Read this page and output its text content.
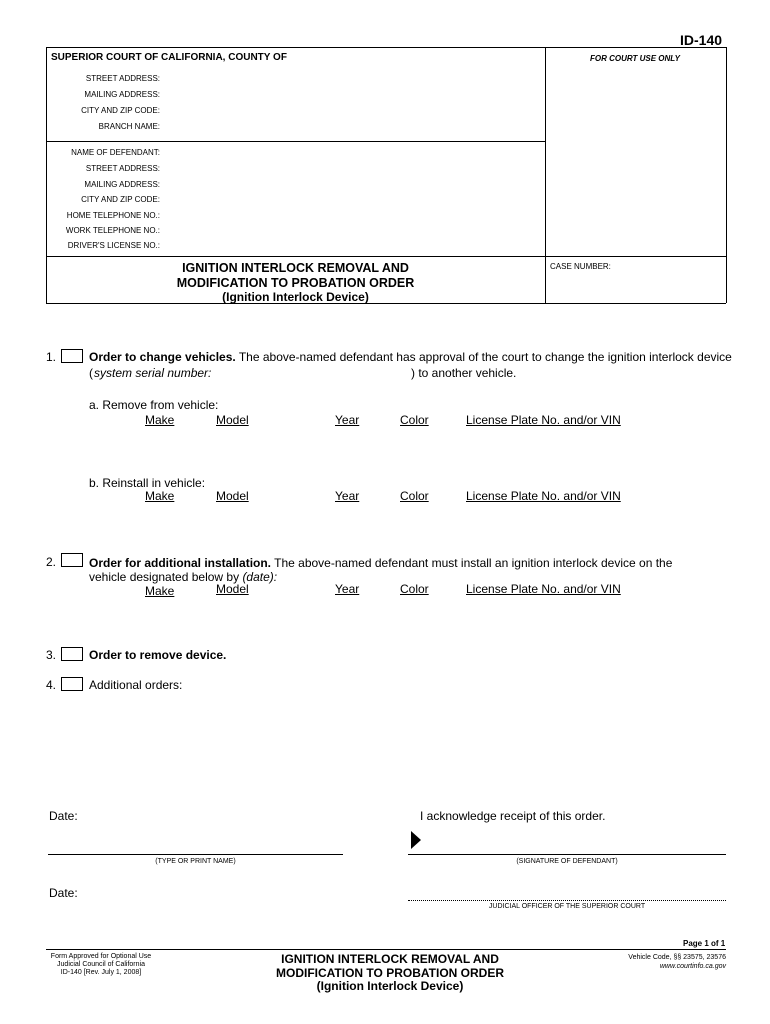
ID-140
SUPERIOR COURT OF CALIFORNIA, COUNTY OF
STREET ADDRESS:
MAILING ADDRESS:
CITY AND ZIP CODE:
BRANCH NAME:
FOR COURT USE ONLY
NAME OF DEFENDANT:
STREET ADDRESS:
MAILING ADDRESS:
CITY AND ZIP CODE:
HOME TELEPHONE NO.:
WORK TELEPHONE NO.:
DRIVER'S LICENSE NO.:
IGNITION INTERLOCK REMOVAL AND
MODIFICATION TO PROBATION ORDER
(Ignition Interlock Device)
CASE NUMBER:
1.	Order to change vehicles. The above-named defendant has approval of the court to change the ignition interlock device
( system serial number:	) to another vehicle.
a. Remove from vehicle:
Make	Model	Year	Color	License Plate No. and/or VIN
b. Reinstall in vehicle:
Make	Model	Year	Color	License Plate No. and/or VIN
2.	Order for additional installation. The above-named defendant must install an ignition interlock device on the
vehicle designated below by (date):
Make	Model	Year	Color	License Plate No. and/or VIN
3.	Order to remove device.
4.	Additional orders:
Date:	I acknowledge receipt of this order.
(TYPE OR PRINT NAME)	(SIGNATURE OF DEFENDANT)
Date:
JUDICIAL OFFICER OF THE SUPERIOR COURT
Page 1 of 1
Form Approved for Optional Use
Judicial Council of California
ID-140 [Rev. July 1, 2008]
IGNITION INTERLOCK REMOVAL AND
MODIFICATION TO PROBATION ORDER
(Ignition Interlock Device)
Vehicle Code, §§ 23575, 23576
www.courtinfo.ca.gov
